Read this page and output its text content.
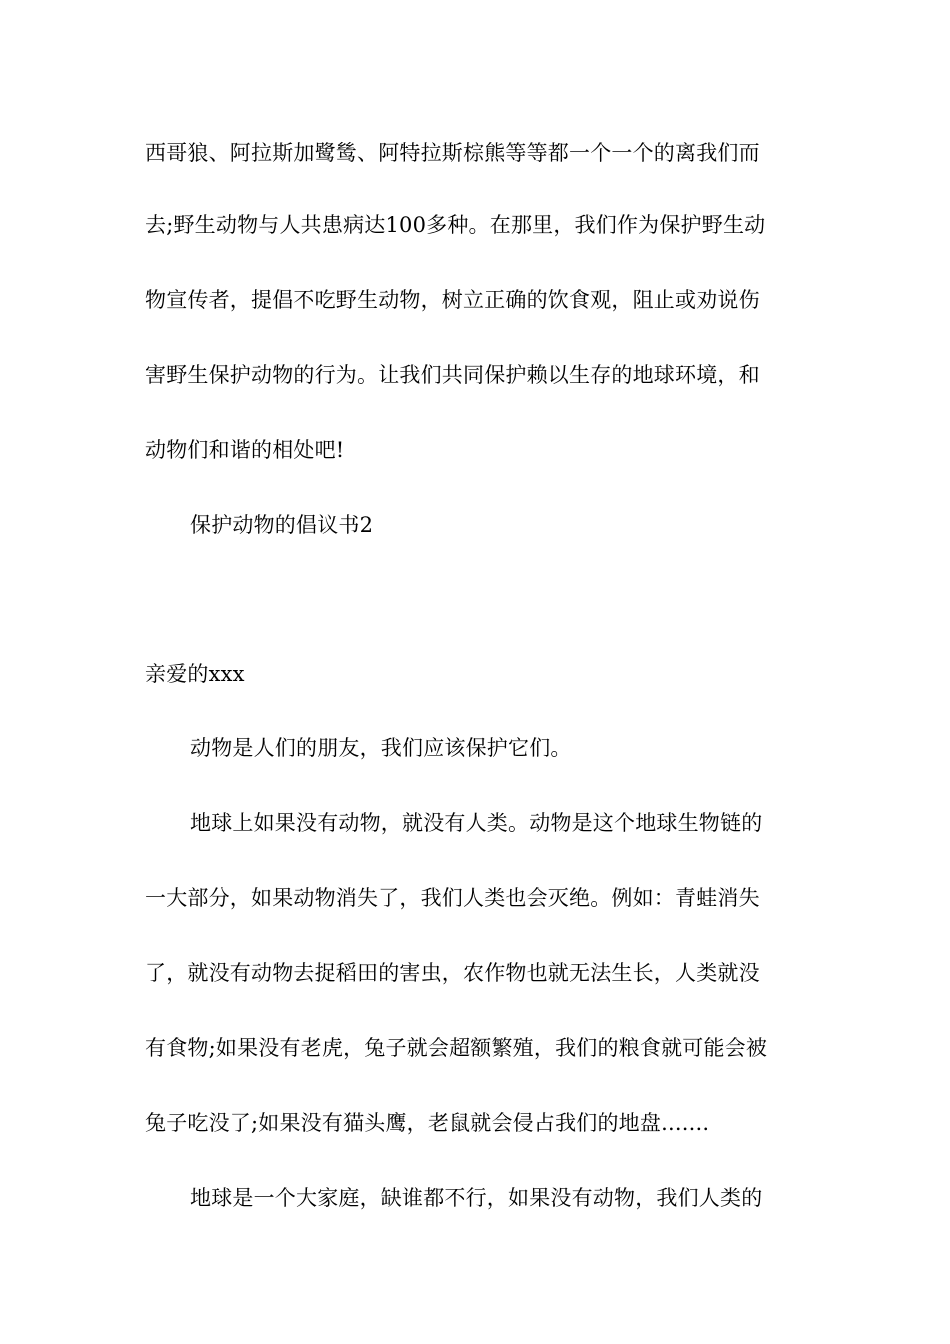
西哥狼、阿拉斯加鹭鸶、阿特拉斯棕熊等等都一个一个的离我们而
去;野生动物与人共患病达100多种。在那里，我们作为保护野生动
物宣传者，提倡不吃野生动物，树立正确的饮食观，阻止或劝说伤
害野生保护动物的行为。让我们共同保护赖以生存的地球环境，和
动物们和谐的相处吧!
保护动物的倡议书2
亲爱的xxx
动物是人们的朋友，我们应该保护它们。
地球上如果没有动物，就没有人类。动物是这个地球生物链的
一大部分，如果动物消失了，我们人类也会灭绝。例如：青蛙消失
了，就没有动物去捉稻田的害虫，农作物也就无法生长，人类就没
有食物;如果没有老虎，兔子就会超额繁殖，我们的粮食就可能会被
兔子吃没了;如果没有猫头鹰，老鼠就会侵占我们的地盘.......
地球是一个大家庭，缺谁都不行，如果没有动物，我们人类的
